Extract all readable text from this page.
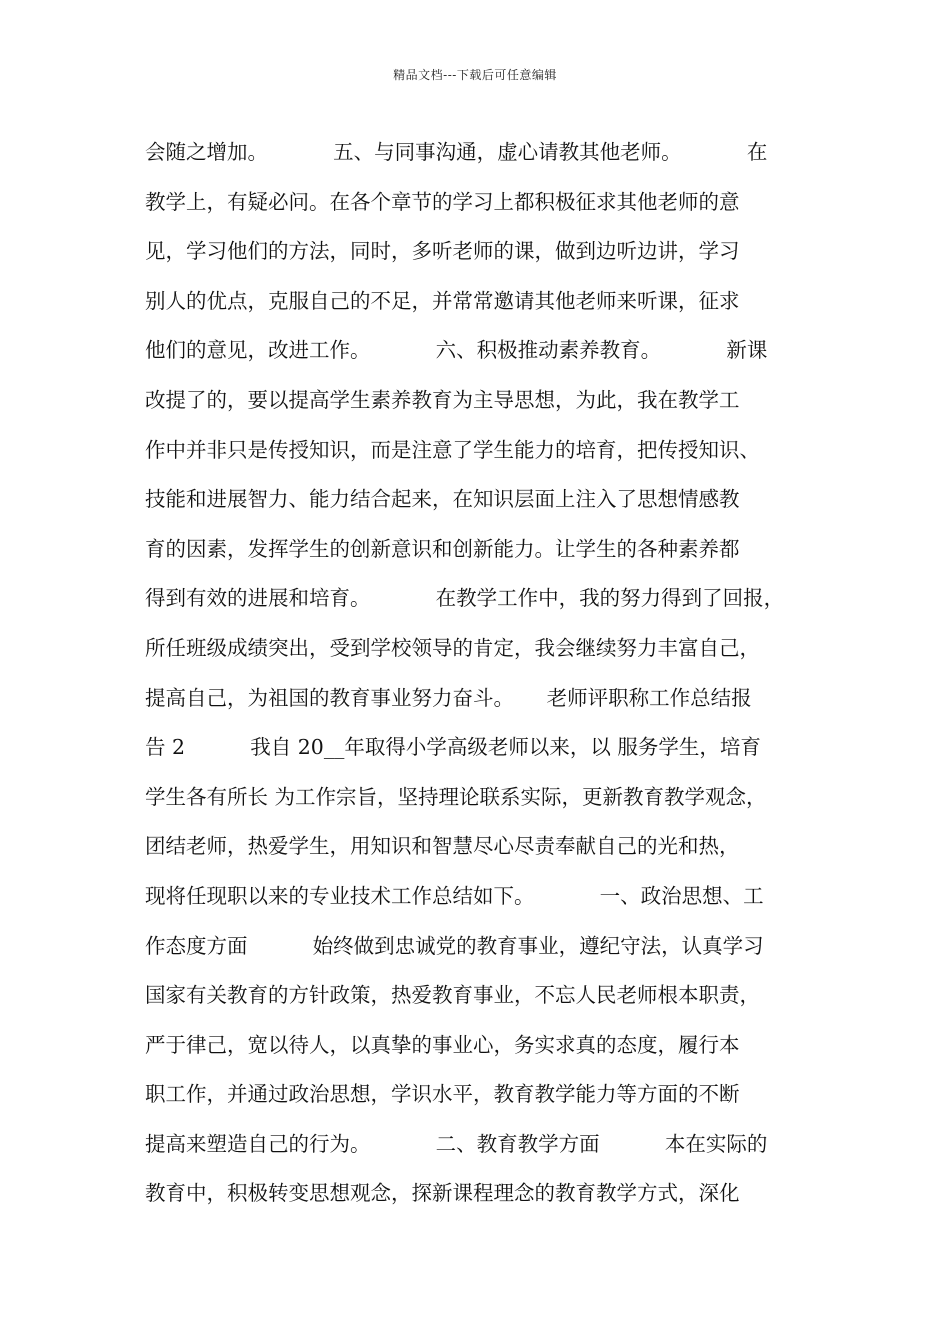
精品文档---下载后可任意编辑
会随之增加。          五、与同事沟通，虚心请教其他老师。          在
教学上，有疑必问。在各个章节的学习上都积极征求其他老师的意
见，学习他们的方法，同时，多听老师的课，做到边听边讲，学习
别人的优点，克服自己的不足，并常常邀请其他老师来听课，征求
他们的意见，改进工作。          六、积极推动素养教育。          新课
改提了的，要以提高学生素养教育为主导思想，为此，我在教学工
作中并非只是传授知识，而是注意了学生能力的培育，把传授知识、
技能和进展智力、能力结合起来，在知识层面上注入了思想情感教
育的因素，发挥学生的创新意识和创新能力。让学生的各种素养都
得到有效的进展和培育。          在教学工作中，我的努力得到了回报，
所任班级成绩突出，受到学校领导的肯定，我会继续努力丰富自己，
提高自己，为祖国的教育事业努力奋斗。     老师评职称工作总结报
告 2          我自 20__年取得小学高级老师以来，以 服务学生，培育
学生各有所长 为工作宗旨，坚持理论联系实际，更新教育教学观念，
团结老师，热爱学生，用知识和智慧尽心尽责奉献自己的光和热，
现将任现职以来的专业技术工作总结如下。          一、政治思想、工
作态度方面          始终做到忠诚党的教育事业，遵纪守法，认真学习
国家有关教育的方针政策，热爱教育事业，不忘人民老师根本职责，
严于律己，宽以待人，以真挚的事业心，务实求真的态度，履行本
职工作，并通过政治思想，学识水平，教育教学能力等方面的不断
提高来塑造自己的行为。          二、教育教学方面          本在实际的
教育中，积极转变思想观念，探新课程理念的教育教学方式，深化
